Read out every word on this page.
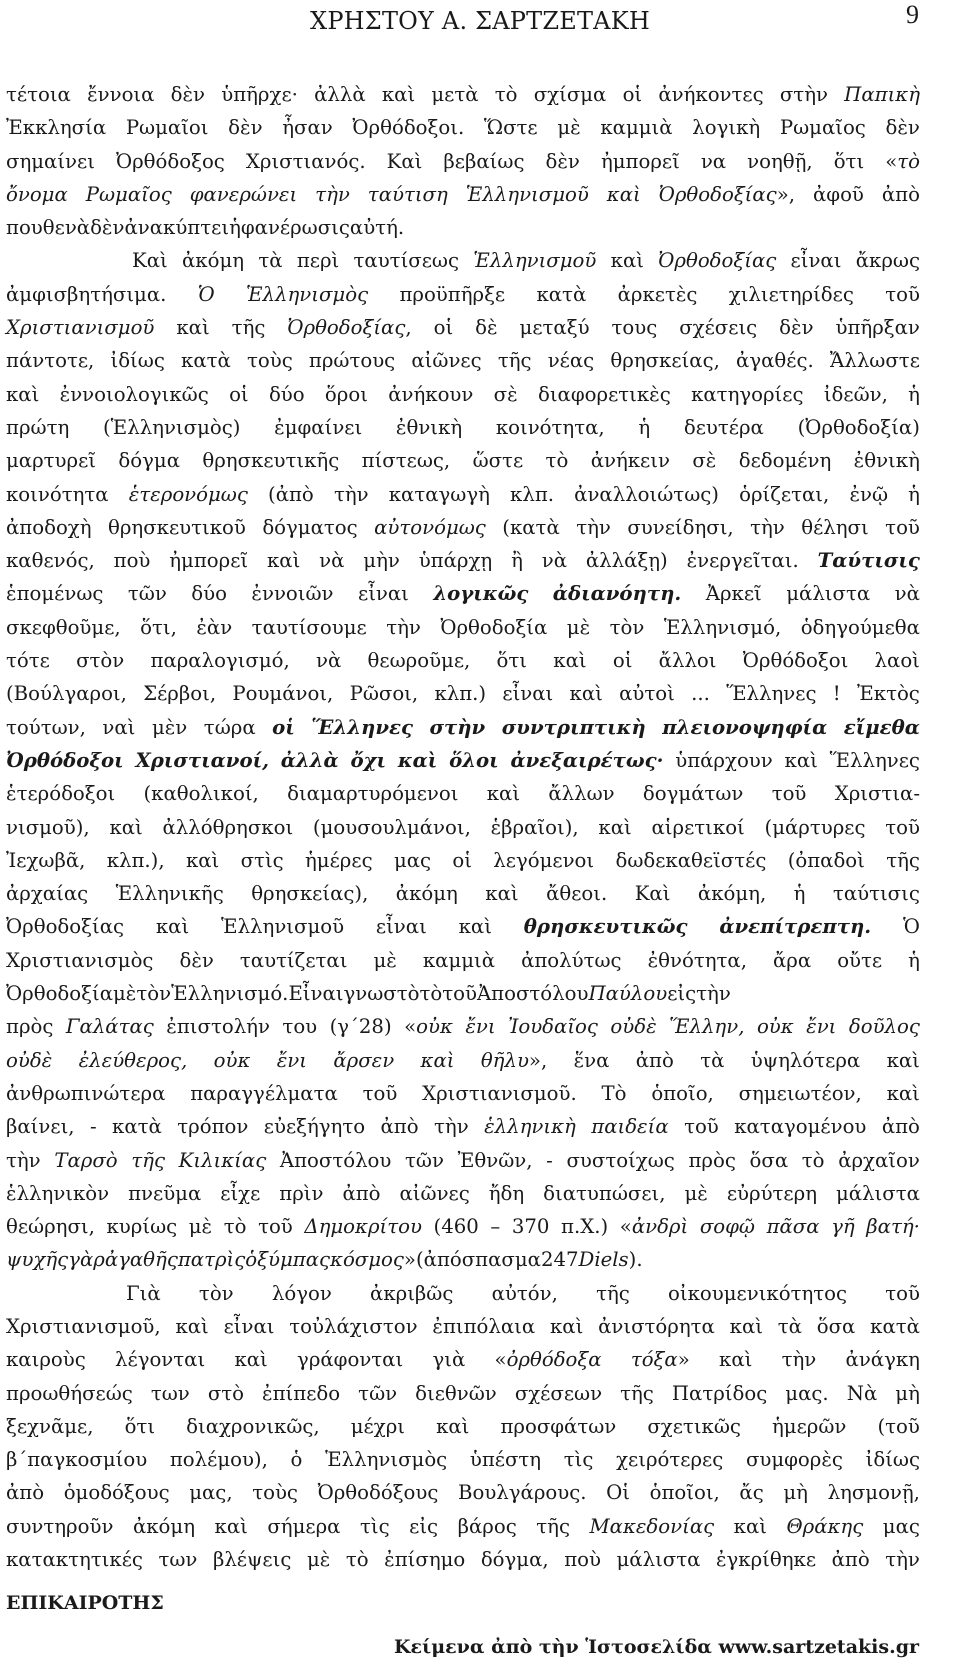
ΧΡΗΣΤΟΥ Α. ΣΑΡΤΖΕΤΑΚΗ	9
τέτοια ἔννοια δὲν ὑπῆρχε· ἀλλὰ καὶ μετὰ τὸ σχίσμα οἱ ἀνήκοντες στὴν Παπικὴ
Ἐκκλησία Ρωμαῖοι δὲν ἦσαν Ὀρθόδοξοι. Ὥστε μὲ καμμιὰ λογικὴ Ρωμαῖος δὲν
σημαίνει Ὀρθόδοξος Χριστιανός. Καὶ βεβαίως δὲν ἠμπορεῖ να νοηθῇ, ὅτι «τὸ
ὄνομα Ρωμαῖος φανερώνει τὴν ταύτιση Ἑλληνισμοῦ καὶ Ὀρθοδοξίας», ἀφοῦ ἀπὸ
πουθενὰ δὲν ἀνακύπτει ἡ φανέρωσις αὐτή.
Καὶ ἀκόμη τὰ περὶ ταυτίσεως Ἑλληνισμοῦ καὶ Ὀρθοδοξίας εἶναι ἄκρως
ἀμφισβητήσιμα. Ὁ Ἑλληνισμὸς προϋπῆρξε κατὰ ἀρκετὲς χιλιετηρίδες τοῦ
Χριστιανισμοῦ καὶ τῆς Ὀρθοδοξίας, οἱ δὲ μεταξύ τους σχέσεις δὲν ὑπῆρξαν
πάντοτε, ἰδίως κατὰ τοὺς πρώτους αἰῶνες τῆς νέας θρησκείας, ἀγαθές. Ἄλλωστε
καὶ ἐννοιολογικῶς οἱ δύο ὅροι ἀνήκουν σὲ διαφορετικὲς κατηγορίες ἰδεῶν, ἡ
πρώτη (Ἑλληνισμὸς) ἐμφαίνει ἐθνικὴ κοινότητα, ἡ δευτέρα (Ὀρθοδοξία)
μαρτυρεῖ δόγμα θρησκευτικῆς πίστεως, ὥστε τὸ ἀνήκειν σὲ δεδομένη ἐθνικὴ
κοινότητα ἑτερονόμως (ἀπὸ τὴν καταγωγὴ κλπ. ἀναλλοιώτως) ὁρίζεται, ἐνῷ ἡ
ἀποδοχὴ θρησκευτικοῦ δόγματος αὐτονόμως (κατὰ τὴν συνείδησι, τὴν θέλησι τοῦ
καθενός, ποὺ ἠμπορεῖ καὶ νὰ μὴν ὑπάρχῃ ἢ νὰ ἀλλάξῃ) ἐνεργεῖται. Ταύτισις
ἑπομένως τῶν δύο ἐννοιῶν εἶναι λογικῶς ἀδιανόητη. Ἀρκεῖ μάλιστα νὰ
σκεφθοῦμε, ὅτι, ἐὰν ταυτίσουμε τὴν Ὀρθοδοξία μὲ τὸν Ἑλληνισμό, ὁδηγούμεθα
τότε στὸν παραλογισμό, νὰ θεωροῦμε, ὅτι καὶ οἱ ἄλλοι Ὀρθόδοξοι λαοὶ
(Βούλγαροι, Σέρβοι, Ρουμάνοι, Ρῶσοι, κλπ.) εἶναι καὶ αὐτοὶ ... Ἕλληνες ! Ἐκτὸς
τούτων, ναὶ μὲν τώρα οἱ Ἕλληνες στὴν συντριπτικὴ πλειονοψηφία εἴμεθα
Ὀρθόδοξοι Χριστιανοί, ἀλλὰ ὄχι καὶ ὅλοι ἀνεξαιρέτως· ὑπάρχουν καὶ Ἕλληνες
ἑτερόδοξοι (καθολικοί, διαμαρτυρόμενοι καὶ ἄλλων δογμάτων τοῦ Χριστια-
νισμοῦ), καὶ ἀλλόθρησκοι (μουσουλμάνοι, ἑβραῖοι), καὶ αἱρετικοί (μάρτυρες τοῦ
Ἰεχωβᾶ, κλπ.), καὶ στὶς ἡμέρες μας οἱ λεγόμενοι δωδεκαθεϊστές (ὀπαδοὶ τῆς
ἀρχαίας Ἑλληνικῆς θρησκείας), ἀκόμη καὶ ἄθεοι. Καὶ ἀκόμη, ἡ ταύτισις
Ὀρθοδοξίας καὶ Ἑλληνισμοῦ εἶναι καὶ θρησκευτικῶς ἀνεπίτρεπτη. Ὁ
Χριστιανισμὸς δὲν ταυτίζεται μὲ καμμιὰ ἀπολύτως ἐθνότητα, ἄρα οὔτε ἡ
Ὀρθοδοξία μὲ τὸν Ἑλληνισμό. Εἶναι γνωστὸ τὸ τοῦ Ἀποστόλου Παύλου εἰς τὴν
πρὸς Γαλάτας ἐπιστολήν του (γ΄28) «οὐκ ἔνι Ἰουδαῖος οὐδὲ Ἕλλην, οὐκ ἔνι δοῦλος
οὐδὲ ἐλεύθερος, οὐκ ἔνι ἄρσεν καὶ θῆλυ», ἕνα ἀπὸ τὰ ὑψηλότερα καὶ
ἀνθρωπινώτερα παραγγέλματα τοῦ Χριστιανισμοῦ. Τὸ ὁποῖο, σημειωτέον, καὶ
βαίνει, - κατὰ τρόπον εὐεξήγητο ἀπὸ τὴν ἑλληνικὴ παιδεία τοῦ καταγομένου ἀπὸ
τὴν Ταρσὸ τῆς Κιλικίας Ἀποστόλου τῶν Ἐθνῶν, - συστοίχως πρὸς ὅσα τὸ ἀρχαῖον
ἑλληνικὸν πνεῦμα εἶχε πρὶν ἀπὸ αἰῶνες ἤδη διατυπώσει, μὲ εὐρύτερη μάλιστα
θεώρησι, κυρίως μὲ τὸ τοῦ Δημοκρίτου (460 – 370 π.Χ.) «ἀνδρὶ σοφῷ πᾶσα γῆ βατή·
ψυχῆς γὰρ ἀγαθῆς πατρὶς ὁ ξύμπας κόσμος » (ἀπόσπασμα 247 Diels ).
Γιὰ τὸν λόγον ἀκριβῶς αὐτόν, τῆς οἰκουμενικότητος τοῦ
Χριστιανισμοῦ, καὶ εἶναι τοὐλάχιστον ἐπιπόλαια καὶ ἀνιστόρητα καὶ τὰ ὅσα κατὰ
καιροὺς λέγονται καὶ γράφονται γιὰ «ὀρθόδοξα τόξα» καὶ τὴν ἀνάγκη
προωθήσεώς των στὸ ἐπίπεδο τῶν διεθνῶν σχέσεων τῆς Πατρίδος μας. Νὰ μὴ
ξεχνᾶμε, ὅτι διαχρονικῶς, μέχρι καὶ προσφάτων σχετικῶς ἡμερῶν (τοῦ
β΄παγκοσμίου πολέμου), ὁ Ἑλληνισμὸς ὑπέστη τὶς χειρότερες συμφορὲς ἰδίως
ἀπὸ ὁμοδόξους μας, τοὺς Ὀρθοδόξους Βουλγάρους. Οἱ ὁποῖοι, ἄς μὴ λησμονῇ,
συντηροῦν ἀκόμη καὶ σήμερα τὶς εἰς βάρος τῆς Μακεδονίας καὶ Θράκης μας
κατακτητικές των βλέψεις μὲ τὸ ἐπίσημο δόγμα, ποὺ μάλιστα ἐγκρίθηκε ἀπὸ τὴν
ΕΠΙΚΑΙΡΟΤΗΣ
Κείμενα ἀπὸ τὴν Ἱστοσελίδα www.sartzetakis.gr
